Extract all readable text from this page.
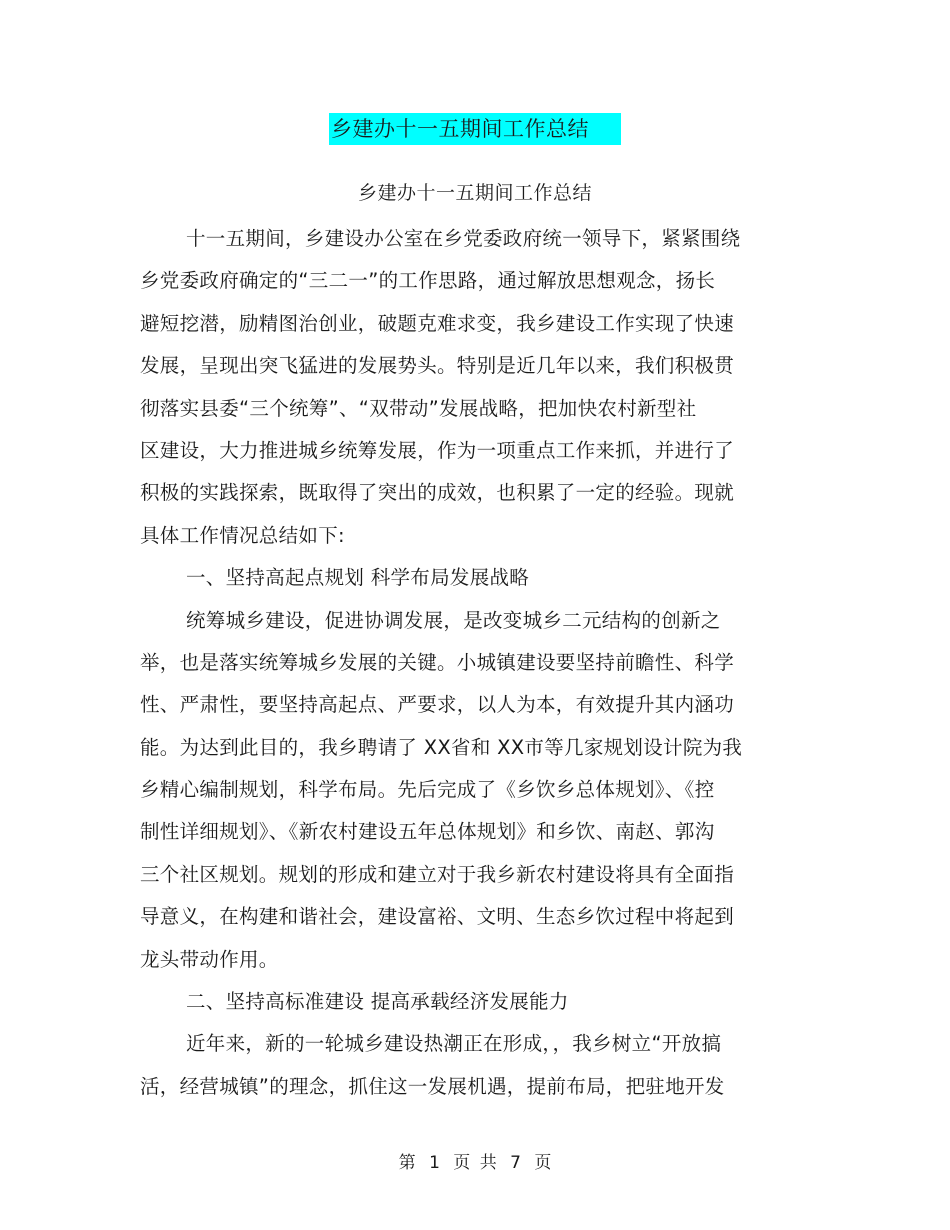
乡建办十一五期间工作总结
乡建办十一五期间工作总结
十一五期间，乡建设办公室在乡党委政府统一领导下，紧紧围绕
乡党委政府确定的“三二一”的工作思路，通过解放思想观念，扬长
避短挖潜，励精图治创业，破题克难求变，我乡建设工作实现了快速
发展，呈现出突飞猛进的发展势头。特别是近几年以来，我们积极贯
彻落实县委“三个统筹”、“双带动”发展战略，把加快农村新型社
区建设，大力推进城乡统筹发展，作为一项重点工作来抓，并进行了
积极的实践探索，既取得了突出的成效，也积累了一定的经验。现就
具体工作情况总结如下:
一、坚持高起点规划 科学布局发展战略
统筹城乡建设，促进协调发展，是改变城乡二元结构的创新之
举，也是落实统筹城乡发展的关键。小城镇建设要坚持前瞻性、科学
性、严肃性，要坚持高起点、严要求，以人为本，有效提升其内涵功
能。为达到此目的，我乡聘请了 XX省和 XX市等几家规划设计院为我
乡精心编制规划，科学布局。先后完成了《乡饮乡总体规划》、《控
制性详细规划》、《新农村建设五年总体规划》和乡饮、南赵、郭沟
三个社区规划。规划的形成和建立对于我乡新农村建设将具有全面指
导意义，在构建和谐社会，建设富裕、文明、生态乡饮过程中将起到
龙头带动作用。
二、坚持高标准建设 提高承载经济发展能力
近年来，新的一轮城乡建设热潮正在形成，，我乡树立“开放搞
活，经营城镇”的理念，抓住这一发展机遇，提前布局，把驻地开发
第 1 页 共 7 页
